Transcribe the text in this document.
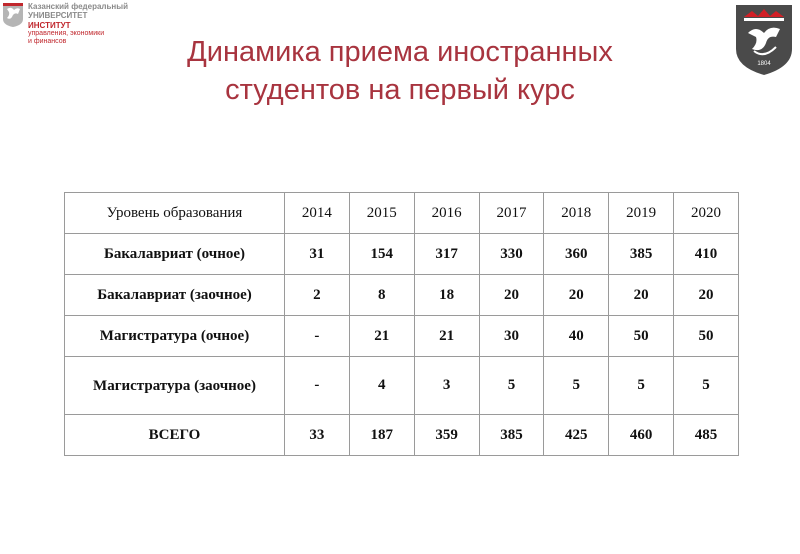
Казанский федеральный
УНИВЕРСИТЕТ
ИНСТИТУТ
управления, экономики
и финансов
1804
Динамика приема иностранных
студентов на первый курс
Уровень образования	2014	2015	2016	2017	2018	2019	2020
Бакалавриат (очное)	31	154	317	330	360	385	410
Бакалавриат (заочное)	2	8	18	20	20	20	20
Магистратура (очное)	-	21	21	30	40	50	50
Магистратура (заочное)	-	4	3	5	5	5	5
ВСЕГО	33	187	359	385	425	460	485
